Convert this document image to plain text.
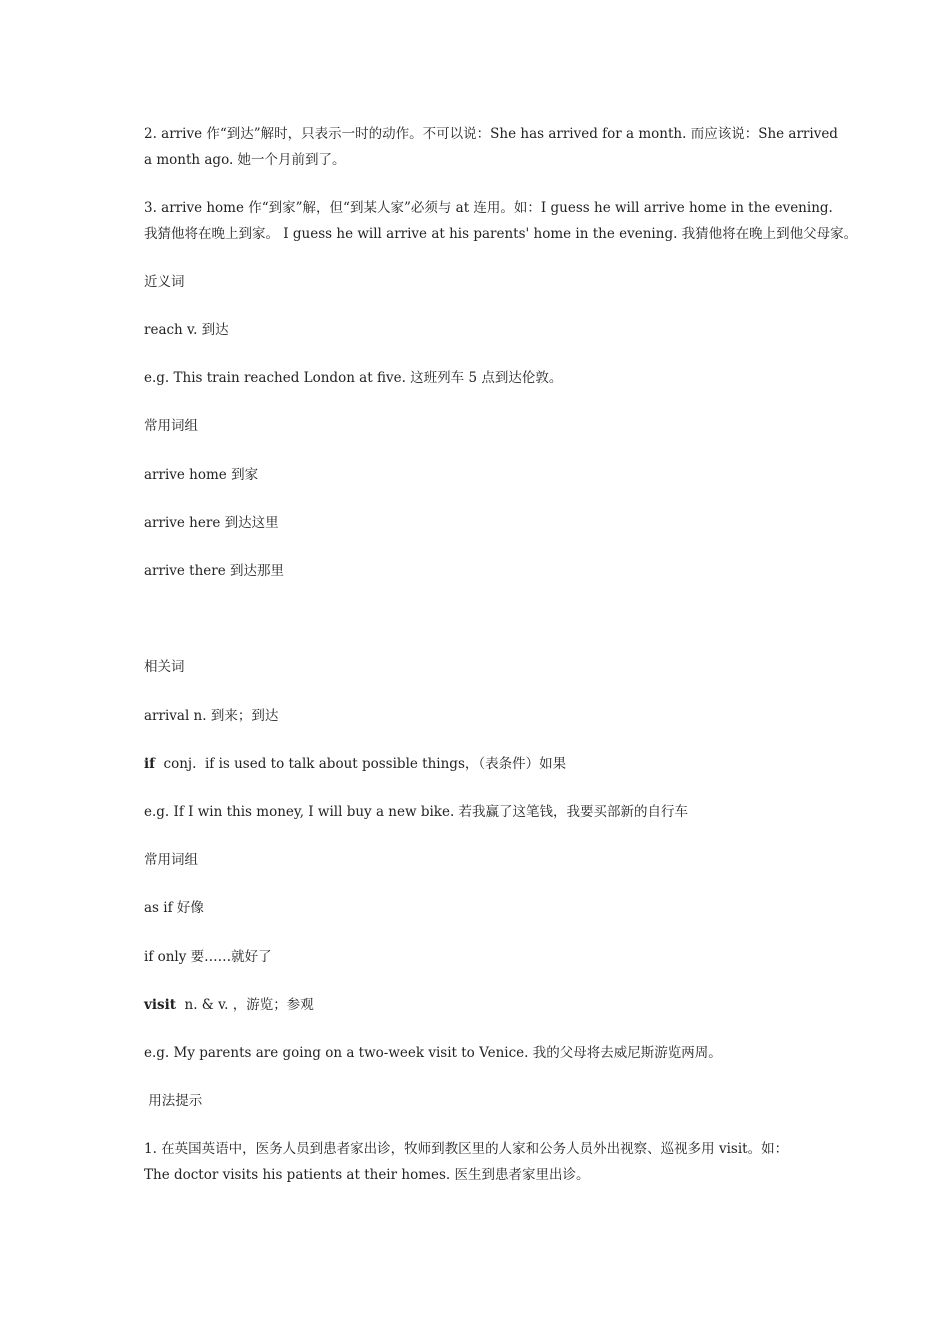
2. arrive 作“到达”解时，只表示一时的动作。不可以说：She has arrived for a month. 而应该说：She arrived
a month ago. 她一个月前到了。
3. arrive home 作“到家”解，但“到某人家”必须与 at 连用。如：I guess he will arrive home in the evening.
我猜他将在晚上到家。 I guess he will arrive at his parents' home in the evening. 我猜他将在晚上到他父母家。
近义词
reach v. 到达
e.g. This train reached London at five. 这班列车 5 点到达伦敦。
常用词组
arrive home 到家
arrive here 到达这里
arrive there 到达那里
相关词
arrival n. 到来；到达
if  conj.  if is used to talk about possible things，（表条件）如果
e.g. If I win this money, I will buy a new bike. 若我赢了这笔钱，我要买部新的自行车
常用词组
as if 好像
if only 要……就好了
visit  n. & v. ，游览；参观
e.g. My parents are going on a two-week visit to Venice. 我的父母将去威尼斯游览两周。
用法提示
1. 在英国英语中，医务人员到患者家出诊，牧师到教区里的人家和公务人员外出视察、巡视多用 visit。如：
The doctor visits his patients at their homes. 医生到患者家里出诊。
